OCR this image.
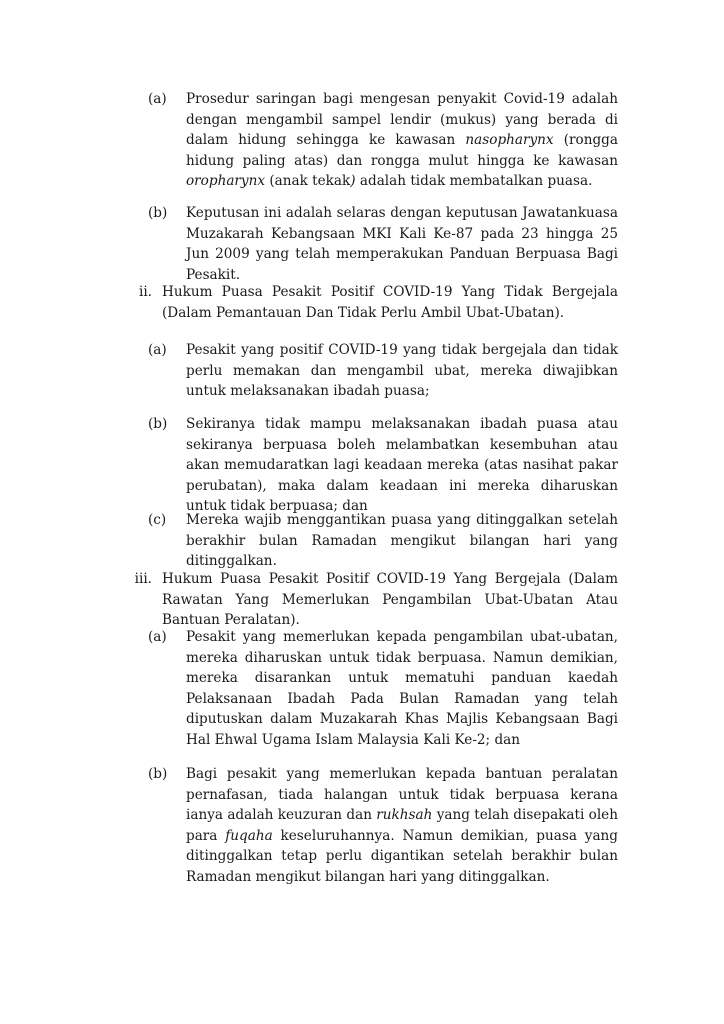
(a)	Prosedur saringan bagi mengesan penyakit Covid-19 adalah dengan mengambil sampel lendir (mukus) yang berada di dalam hidung sehingga ke kawasan nasopharynx (rongga hidung paling atas) dan rongga mulut hingga ke kawasan oropharynx (anak tekak) adalah tidak membatalkan puasa.
(b)	Keputusan ini adalah selaras dengan keputusan Jawatankuasa Muzakarah Kebangsaan MKI Kali Ke-87 pada 23 hingga 25 Jun 2009 yang telah memperakukan Panduan Berpuasa Bagi Pesakit.
ii. Hukum Puasa Pesakit Positif COVID-19 Yang Tidak Bergejala (Dalam Pemantauan Dan Tidak Perlu Ambil Ubat-Ubatan).
(a)	Pesakit yang positif COVID-19 yang tidak bergejala dan tidak perlu memakan dan mengambil ubat, mereka diwajibkan untuk melaksanakan ibadah puasa;
(b)	Sekiranya tidak mampu melaksanakan ibadah puasa atau sekiranya berpuasa boleh melambatkan kesembuhan atau akan memudaratkan lagi keadaan mereka (atas nasihat pakar perubatan), maka dalam keadaan ini mereka diharuskan untuk tidak berpuasa; dan
(c)	Mereka wajib menggantikan puasa yang ditinggalkan setelah berakhir bulan Ramadan mengikut bilangan hari yang ditinggalkan.
iii. Hukum Puasa Pesakit Positif COVID-19 Yang Bergejala (Dalam Rawatan Yang Memerlukan Pengambilan Ubat-Ubatan Atau Bantuan Peralatan).
(a)	Pesakit yang memerlukan kepada pengambilan ubat-ubatan, mereka diharuskan untuk tidak berpuasa. Namun demikian, mereka disarankan untuk mematuhi panduan kaedah Pelaksanaan Ibadah Pada Bulan Ramadan yang telah diputuskan dalam Muzakarah Khas Majlis Kebangsaan Bagi Hal Ehwal Ugama Islam Malaysia Kali Ke-2; dan
(b)	Bagi pesakit yang memerlukan kepada bantuan peralatan pernafasan, tiada halangan untuk tidak berpuasa kerana ianya adalah keuzuran dan rukhsah yang telah disepakati oleh para fuqaha keseluruhannya. Namun demikian, puasa yang ditinggalkan tetap perlu digantikan setelah berakhir bulan Ramadan mengikut bilangan hari yang ditinggalkan.
